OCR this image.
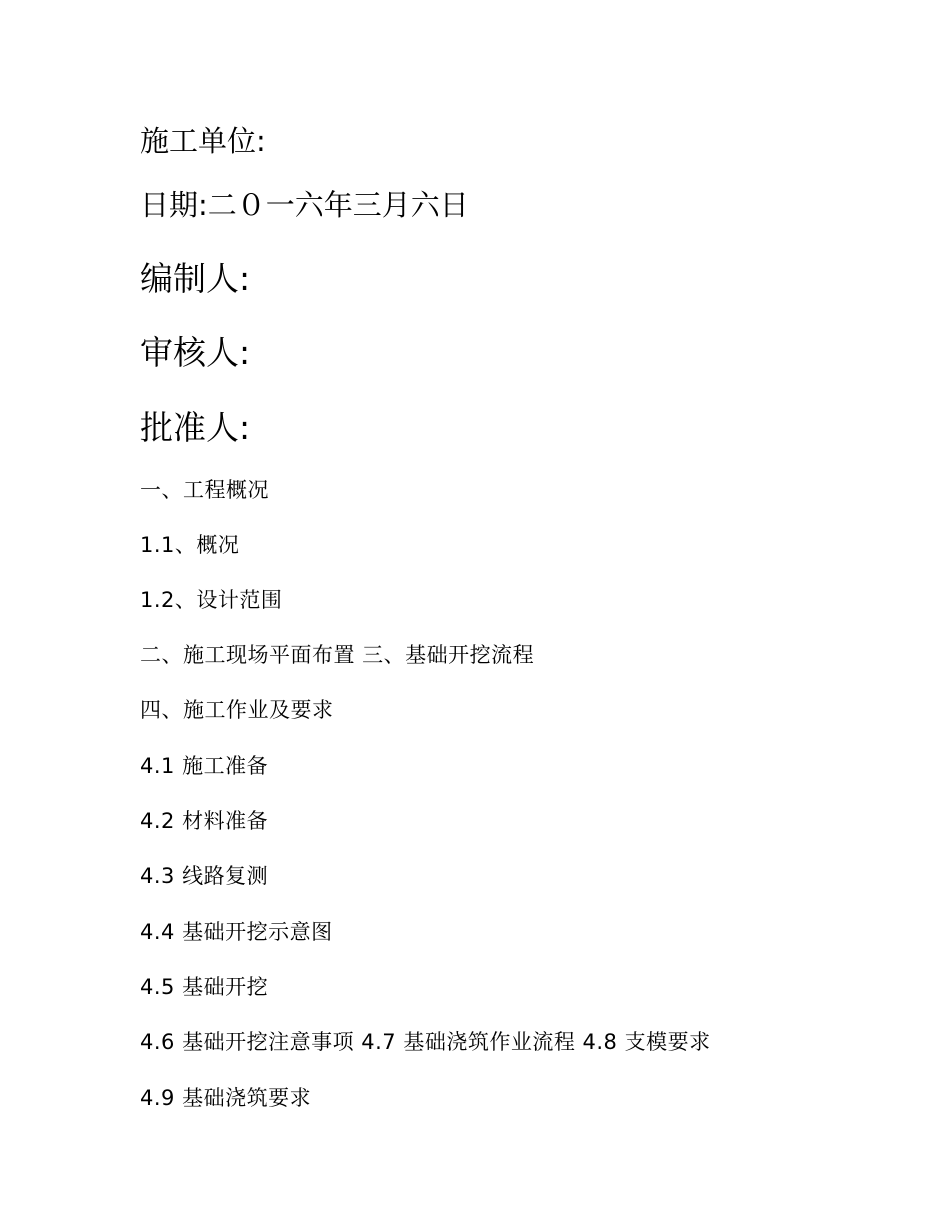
施工单位:
日期:二０一六年三月六日
编制人:
审核人:
批准人:
一、工程概况
1.1、概况
1.2、设计范围
二、施工现场平面布置 三、基础开挖流程
四、施工作业及要求
4.1 施工准备
4.2 材料准备
4.3 线路复测
4.4 基础开挖示意图
4.5 基础开挖
4.6 基础开挖注意事项 4.7 基础浇筑作业流程 4.8 支模要求
4.9 基础浇筑要求
